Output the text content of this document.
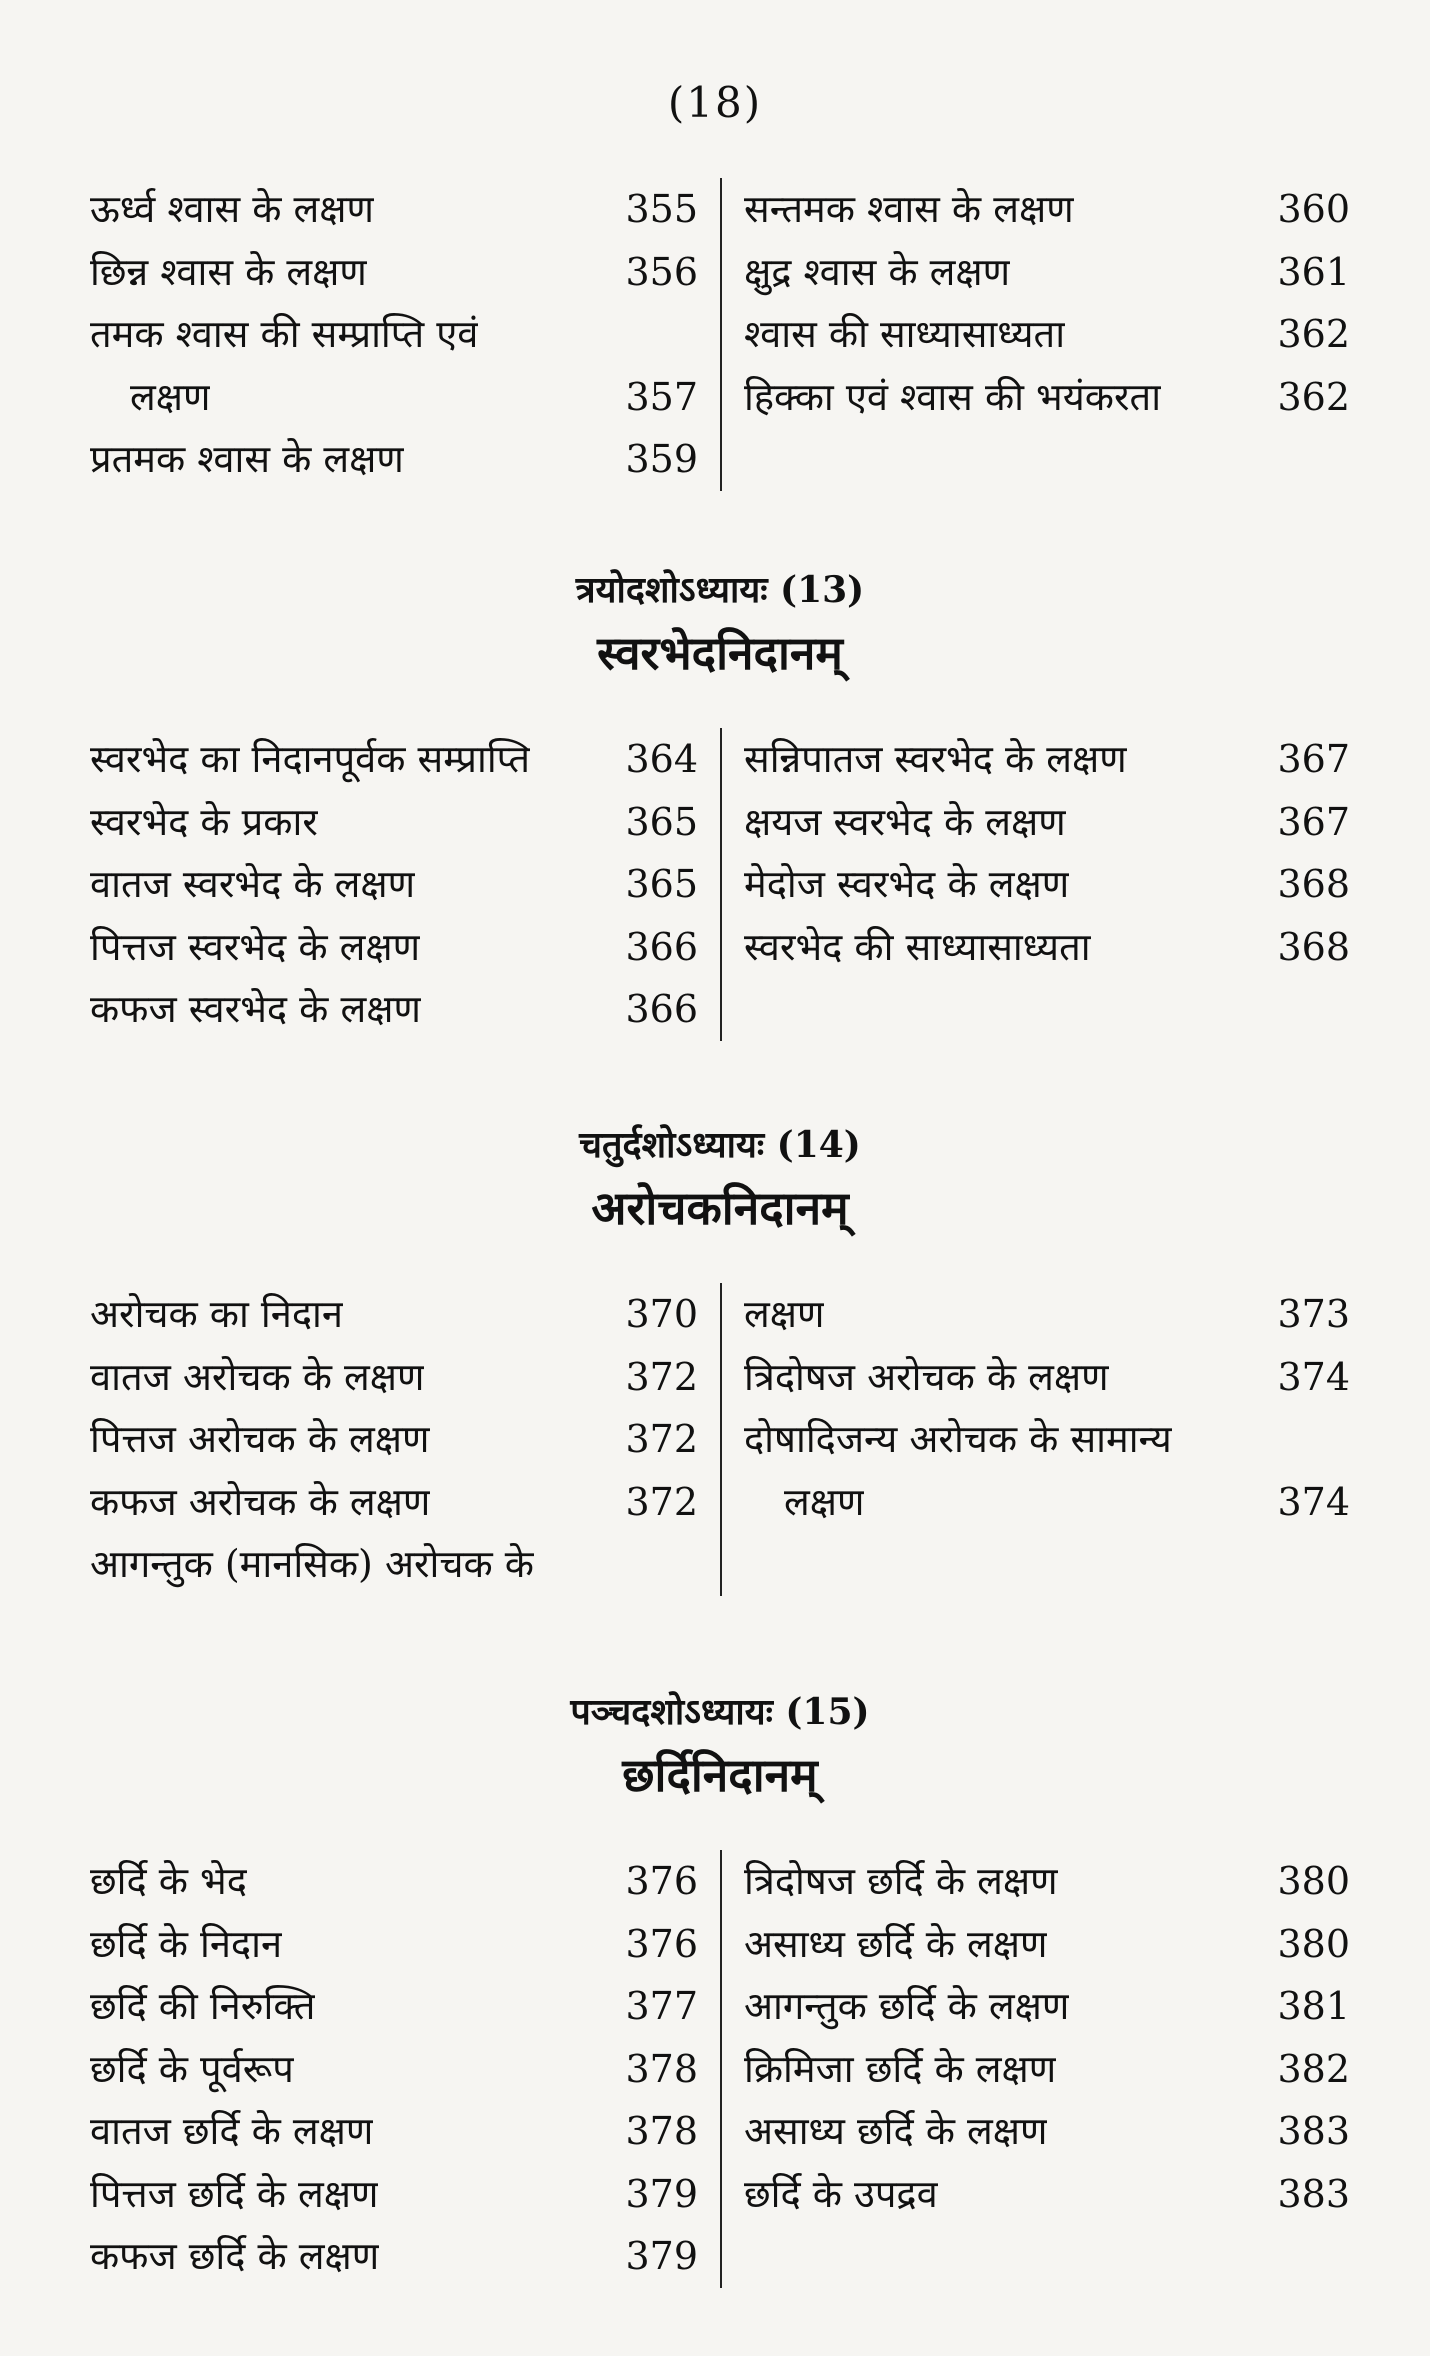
(18)
ऊर्ध्व श्वास के लक्षण	355
छिन्न श्वास के लक्षण	356
तमक श्वास की सम्प्राप्ति एवं
लक्षण	357
प्रतमक श्वास के लक्षण	359
सन्तमक श्वास के लक्षण	360
क्षुद्र श्वास के लक्षण	361
श्वास की साध्यासाध्यता	362
हिक्का एवं श्वास की भयंकरता	362
त्रयोदशोऽध्यायः (13)
स्वरभेदनिदानम्
स्वरभेद का निदानपूर्वक सम्प्राप्ति	364
स्वरभेद के प्रकार	365
वातज स्वरभेद के लक्षण	365
पित्तज स्वरभेद के लक्षण	366
कफज स्वरभेद के लक्षण	366
सन्निपातज स्वरभेद के लक्षण	367
क्षयज स्वरभेद के लक्षण	367
मेदोज स्वरभेद के लक्षण	368
स्वरभेद की साध्यासाध्यता	368
चतुर्दशोऽध्यायः (14)
अरोचकनिदानम्
अरोचक का निदान	370
वातज अरोचक के लक्षण	372
पित्तज अरोचक के लक्षण	372
कफज अरोचक के लक्षण	372
आगन्तुक (मानसिक) अरोचक के
लक्षण	373
त्रिदोषज अरोचक के लक्षण	374
दोषादिजन्य अरोचक के सामान्य
लक्षण	374
पञ्चदशोऽध्यायः (15)
छर्दिनिदानम्
छर्दि के भेद	376
छर्दि के निदान	376
छर्दि की निरुक्ति	377
छर्दि के पूर्वरूप	378
वातज छर्दि के लक्षण	378
पित्तज छर्दि के लक्षण	379
कफज छर्दि के लक्षण	379
त्रिदोषज छर्दि के लक्षण	380
असाध्य छर्दि के लक्षण	380
आगन्तुक छर्दि के लक्षण	381
क्रिमिजा छर्दि के लक्षण	382
असाध्य छर्दि के लक्षण	383
छर्दि के उपद्रव	383
